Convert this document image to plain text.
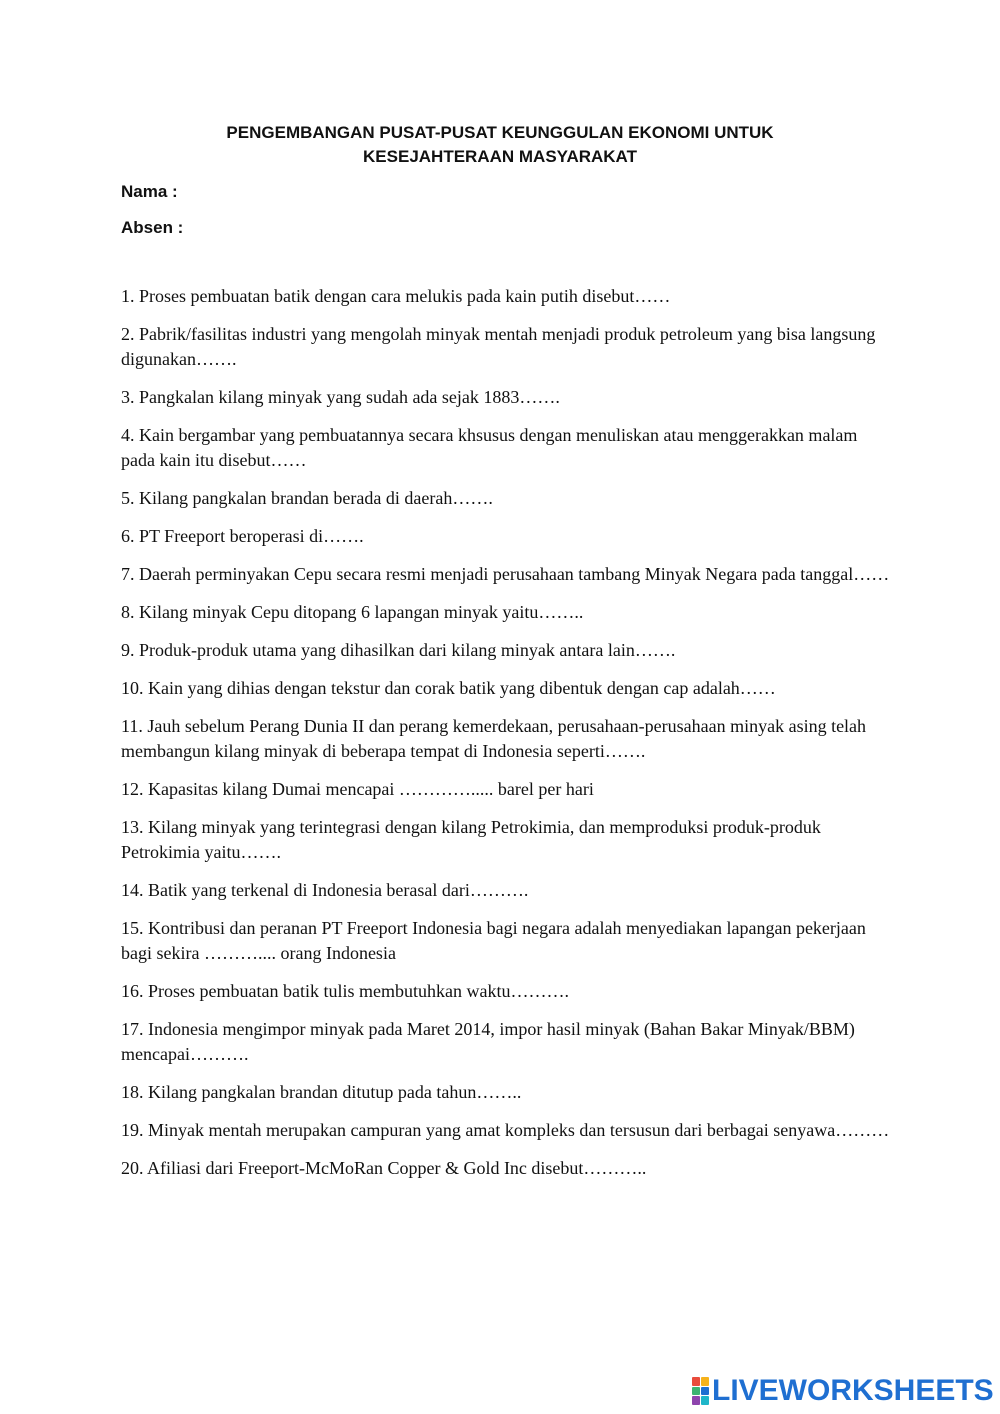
PENGEMBANGAN PUSAT-PUSAT KEUNGGULAN EKONOMI UNTUK
KESEJAHTERAAN MASYARAKAT

Nama :

Absen :

1. Proses pembuatan batik dengan cara melukis pada kain putih disebut……
2. Pabrik/fasilitas industri yang mengolah minyak mentah menjadi produk petroleum yang bisa langsung digunakan…….
3. Pangkalan kilang minyak yang sudah ada sejak 1883…….
4. Kain bergambar yang pembuatannya secara khsusus dengan menuliskan atau menggerakkan malam pada kain itu disebut……
5. Kilang pangkalan brandan berada di daerah…….
6. PT Freeport beroperasi di…….
7. Daerah perminyakan Cepu secara resmi menjadi perusahaan tambang Minyak Negara pada tanggal……
8. Kilang minyak Cepu ditopang 6 lapangan minyak yaitu……..
9. Produk-produk utama yang dihasilkan dari kilang minyak antara lain…….
10. Kain yang dihias dengan tekstur dan corak batik yang dibentuk dengan cap adalah……
11. Jauh sebelum Perang Dunia II dan perang kemerdekaan, perusahaan-perusahaan minyak asing telah membangun kilang minyak di beberapa tempat di Indonesia seperti…….
12. Kapasitas kilang Dumai mencapai …………..... barel per hari
13. Kilang minyak yang terintegrasi dengan kilang Petrokimia, dan memproduksi produk-produk Petrokimia yaitu…….
14. Batik yang terkenal di Indonesia berasal dari……….
15. Kontribusi dan peranan PT Freeport Indonesia bagi negara adalah menyediakan lapangan pekerjaan bagi sekira ……….... orang Indonesia
16. Proses pembuatan batik tulis membutuhkan waktu……….
17. Indonesia mengimpor minyak pada Maret 2014, impor hasil minyak (Bahan Bakar Minyak/BBM) mencapai……….
18. Kilang pangkalan brandan ditutup pada tahun……..
19. Minyak mentah merupakan campuran yang amat kompleks dan tersusun dari berbagai senyawa………
20. Afiliasi dari Freeport-McMoRan Copper & Gold Inc disebut………..
LIVEWORKSHEETS
